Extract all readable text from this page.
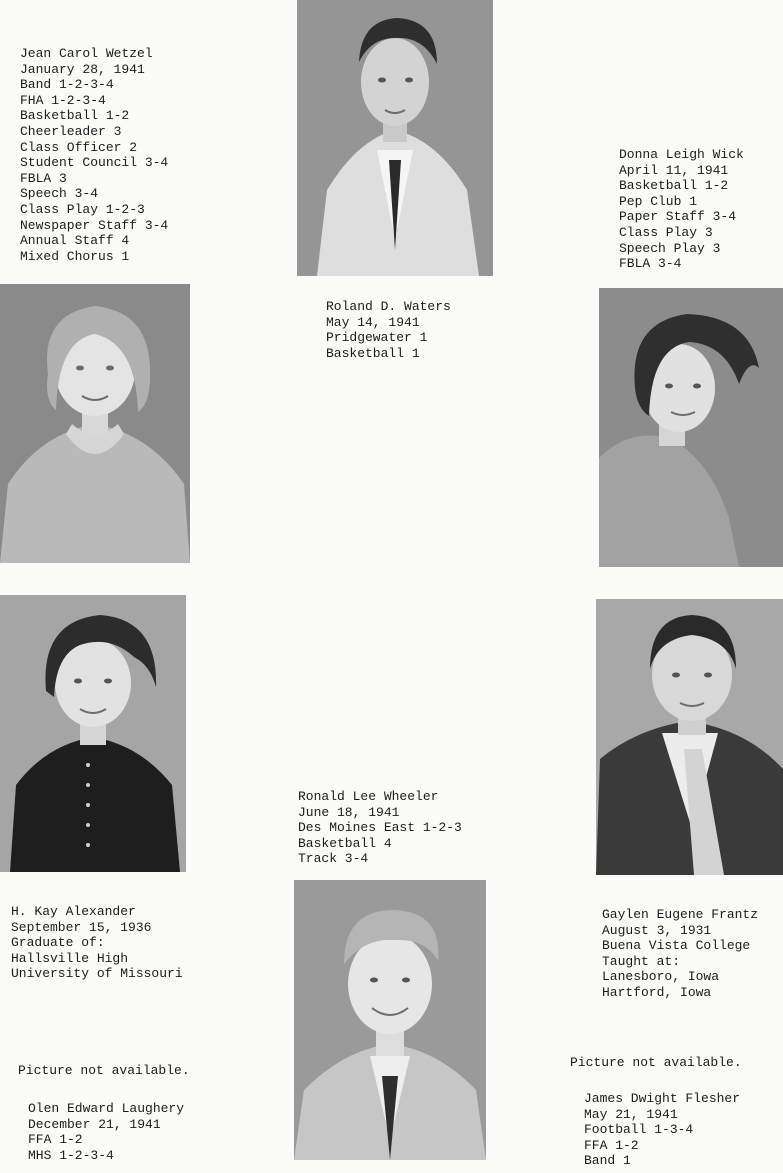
Jean Carol Wetzel
January 28, 1941
Band 1-2-3-4
FHA 1-2-3-4
Basketball 1-2
Cheerleader 3
Class Officer 2
Student Council 3-4
FBLA 3
Speech 3-4
Class Play 1-2-3
Newspaper Staff 3-4
Annual Staff 4
Mixed Chorus 1
Roland D. Waters
May 14, 1941
Pridgewater 1
Basketball 1
Donna Leigh Wick
April 11, 1941
Basketball 1-2
Pep Club 1
Paper Staff 3-4
Class Play 3
Speech Play 3
FBLA 3-4
Ronald Lee Wheeler
June 18, 1941
Des Moines East 1-2-3
Basketball 4
Track 3-4
H. Kay Alexander
September 15, 1936
Graduate of:
Hallsville High
University of Missouri
Gaylen Eugene Frantz
August 3, 1931
Buena Vista College
Taught at:
Lanesboro, Iowa
Hartford, Iowa
Picture not available.
Olen Edward Laughery
December 21, 1941
FFA 1-2
MHS 1-2-3-4
Picture not available.
James Dwight Flesher
May 21, 1941
Football 1-3-4
FFA 1-2
Band 1
